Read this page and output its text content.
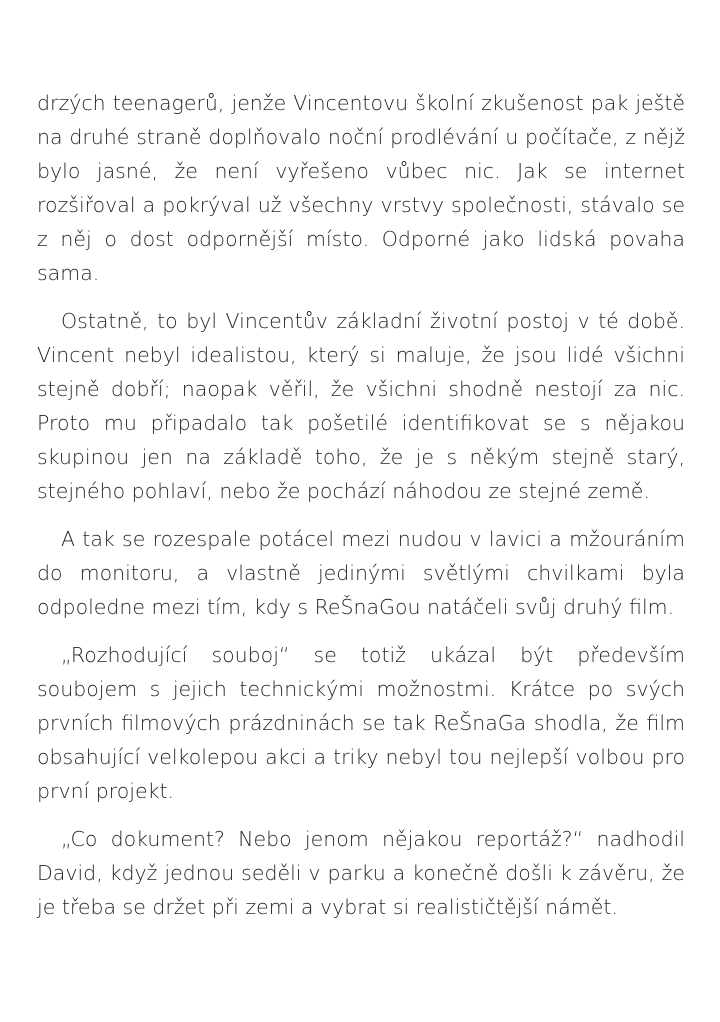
drzých teenagerů, jenže Vincentovu školní zkušenost pak ještě na druhé straně doplňovalo noční prodlévání u počítače, z nějž bylo jasné, že není vyřešeno vůbec nic. Jak se internet rozšiřoval a pokrýval už všechny vrstvy společnosti, stávalo se z něj o dost odpornější místo. Odporné jako lidská povaha sama.

Ostatně, to byl Vincentův základní životní postoj v té době. Vincent nebyl idealistou, který si maluje, že jsou lidé všichni stejně dobří; naopak věřil, že všichni shodně nestojí za nic. Proto mu připadalo tak pošetilé identifikovat se s nějakou skupinou jen na základě toho, že je s někým stejně starý, stejného pohlaví, nebo že pochází náhodou ze stejné země.

A tak se rozespale potácel mezi nudou v lavici a mžouráním do monitoru, a vlastně jedinými světlými chvilkami byla odpoledne mezi tím, kdy s ReŠnaGou natáčeli svůj druhý film.

„Rozhodující souboj“ se totiž ukázal být především soubojem s jejich technickými možnostmi. Krátce po svých prvních filmových prázdninách se tak ReŠnaGa shodla, že film obsahující velkolepou akci a triky nebyl tou nejlepší volbou pro první projekt.

„Co dokument? Nebo jenom nějakou reportáž?“ nadhodil David, když jednou seděli v parku a konečně došli k závěru, že je třeba se držet při zemi a vybrat si realističtější námět.
